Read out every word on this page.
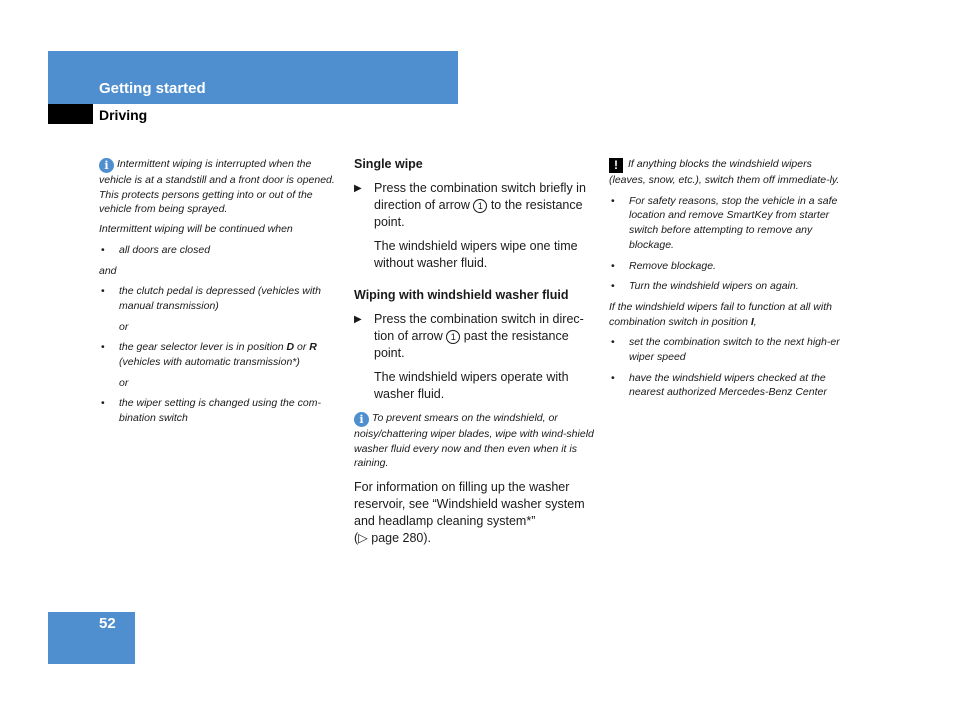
Getting started
Driving

i Intermittent wiping is interrupted when the vehicle is at a standstill and a front door is opened. This protects persons getting into or out of the vehicle from being sprayed.

Intermittent wiping will be continued when

• all doors are closed

and

• the clutch pedal is depressed (vehicles with manual transmission)

or

• the gear selector lever is in position D or R (vehicles with automatic transmission*)

or

• the wiper setting is changed using the com-bination switch
Single wipe
▶ Press the combination switch briefly in direction of arrow 1 to the resistance point.

The windshield wipers wipe one time without washer fluid.

Wiping with windshield washer fluid
▶ Press the combination switch in direc-tion of arrow 1 past the resistance point.

The windshield wipers operate with washer fluid.

i To prevent smears on the windshield, or noisy/chattering wiper blades, wipe with wind-shield washer fluid every now and then even when it is raining.

For information on filling up the washer reservoir, see “Windshield washer system and headlamp cleaning system*”
(▷ page 280).

! If anything blocks the windshield wipers (leaves, snow, etc.), switch them off immediate-ly.

• For safety reasons, stop the vehicle in a safe location and remove SmartKey from starter switch before attempting to remove any blockage.
• Remove blockage.
• Turn the windshield wipers on again.

If the windshield wipers fail to function at all with combination switch in position I,

• set the combination switch to the next high-er wiper speed
• have the windshield wipers checked at the nearest authorized Mercedes-Benz Center
52
